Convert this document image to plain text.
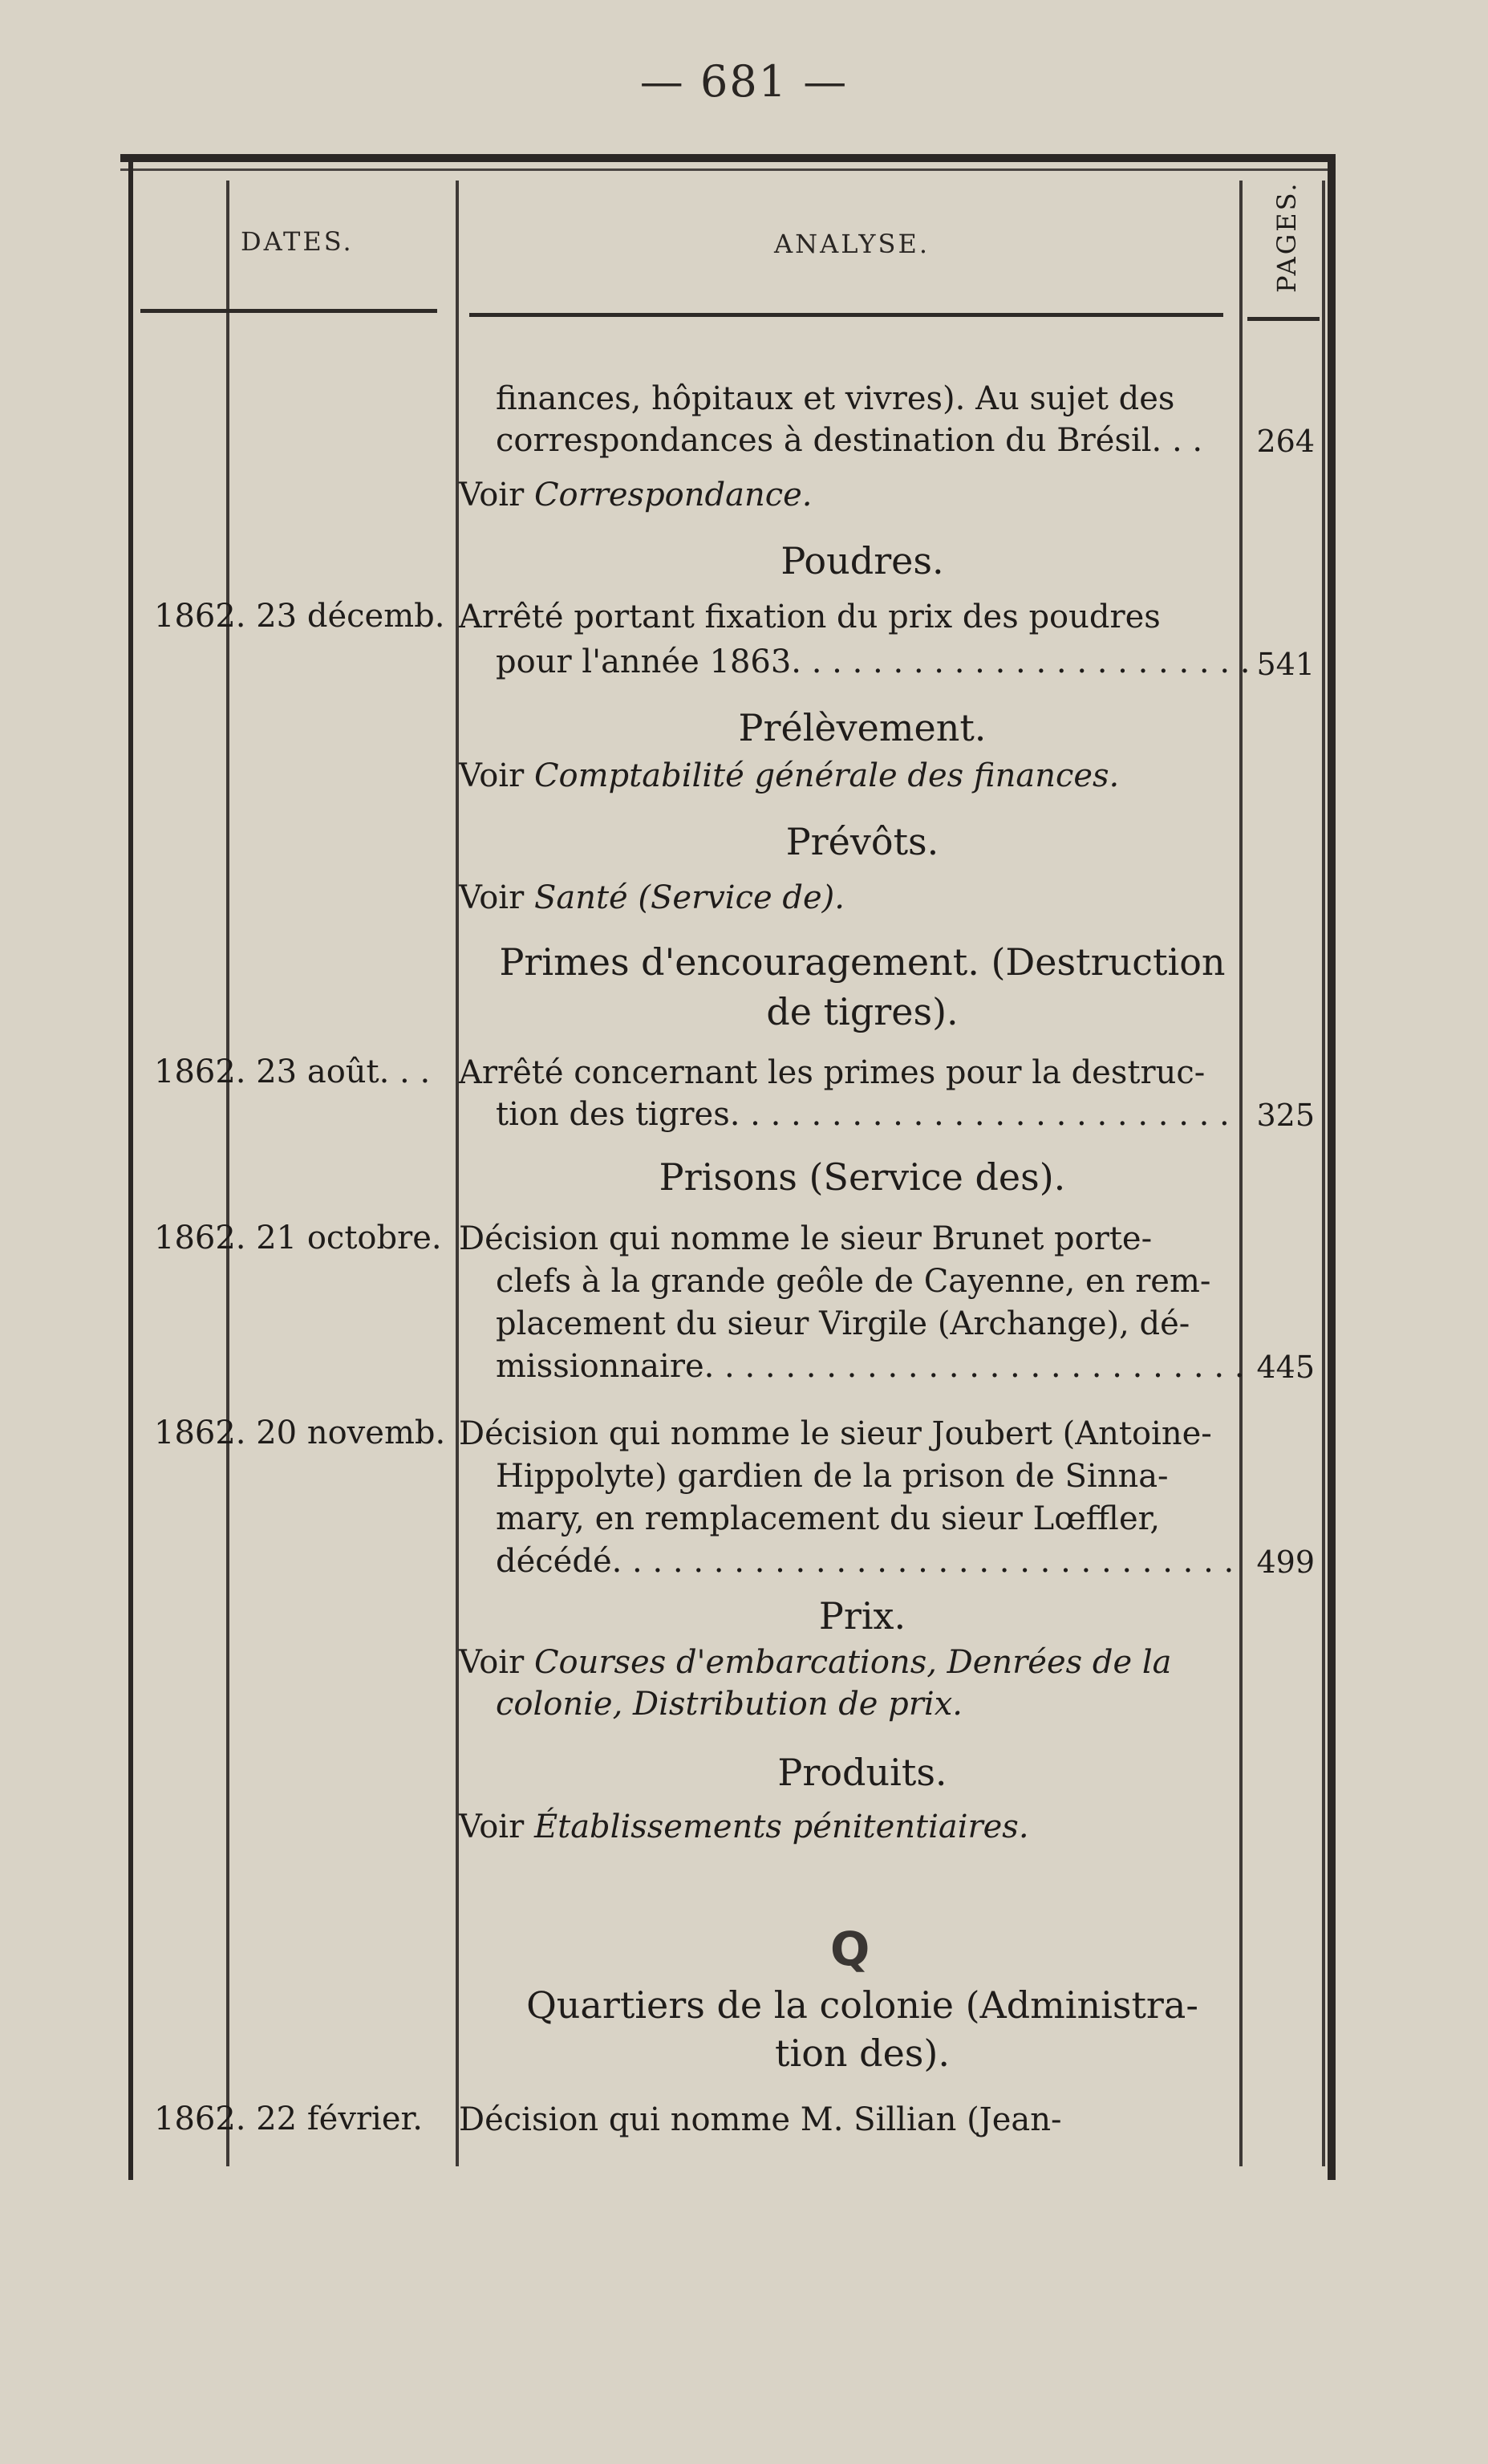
— 681 —
DATES.	ANALYSE.	PAGES.
finances, hôpitaux et vivres). Au sujet des
correspondances à destination du Brésil. . . 264
Voir Correspondance.
Poudres.
1862. 23 décemb. Arrêté portant fixation du prix des poudres
pour l'année 1863. . . . . . . . . . . . . . . . . . . . . . . 541
Prélèvement.
Voir Comptabilité générale des finances.
Prévôts.
Voir Santé (Service de).
Primes d'encouragement. (Destruction
de tigres).
1862. 23 août. . . Arrêté concernant les primes pour la destruc-
tion des tigres. . . . . . . . . . . . . . . . . . . . . . . . . 325
Prisons (Service des).
1862. 21 octobre. Décision qui nomme le sieur Brunet porte-
clefs à la grande geôle de Cayenne, en rem-
placement du sieur Virgile (Archange), dé-
missionnaire. . . . . . . . . . . . . . . . . . . . . . . . . . . 445
1862. 20 novemb. Décision qui nomme le sieur Joubert (Antoine-
Hippolyte) gardien de la prison de Sinna-
mary, en remplacement du sieur Lœffler,
décédé. . . . . . . . . . . . . . . . . . . . . . . . . . . . . . . 499
Prix.
Voir Courses d'embarcations, Denrées de la
colonie, Distribution de prix.
Produits.
Voir Établissements pénitentiaires.
Q
Quartiers de la colonie (Administra-
tion des).
1862. 22 février. Décision qui nomme M. Sillian (Jean-
